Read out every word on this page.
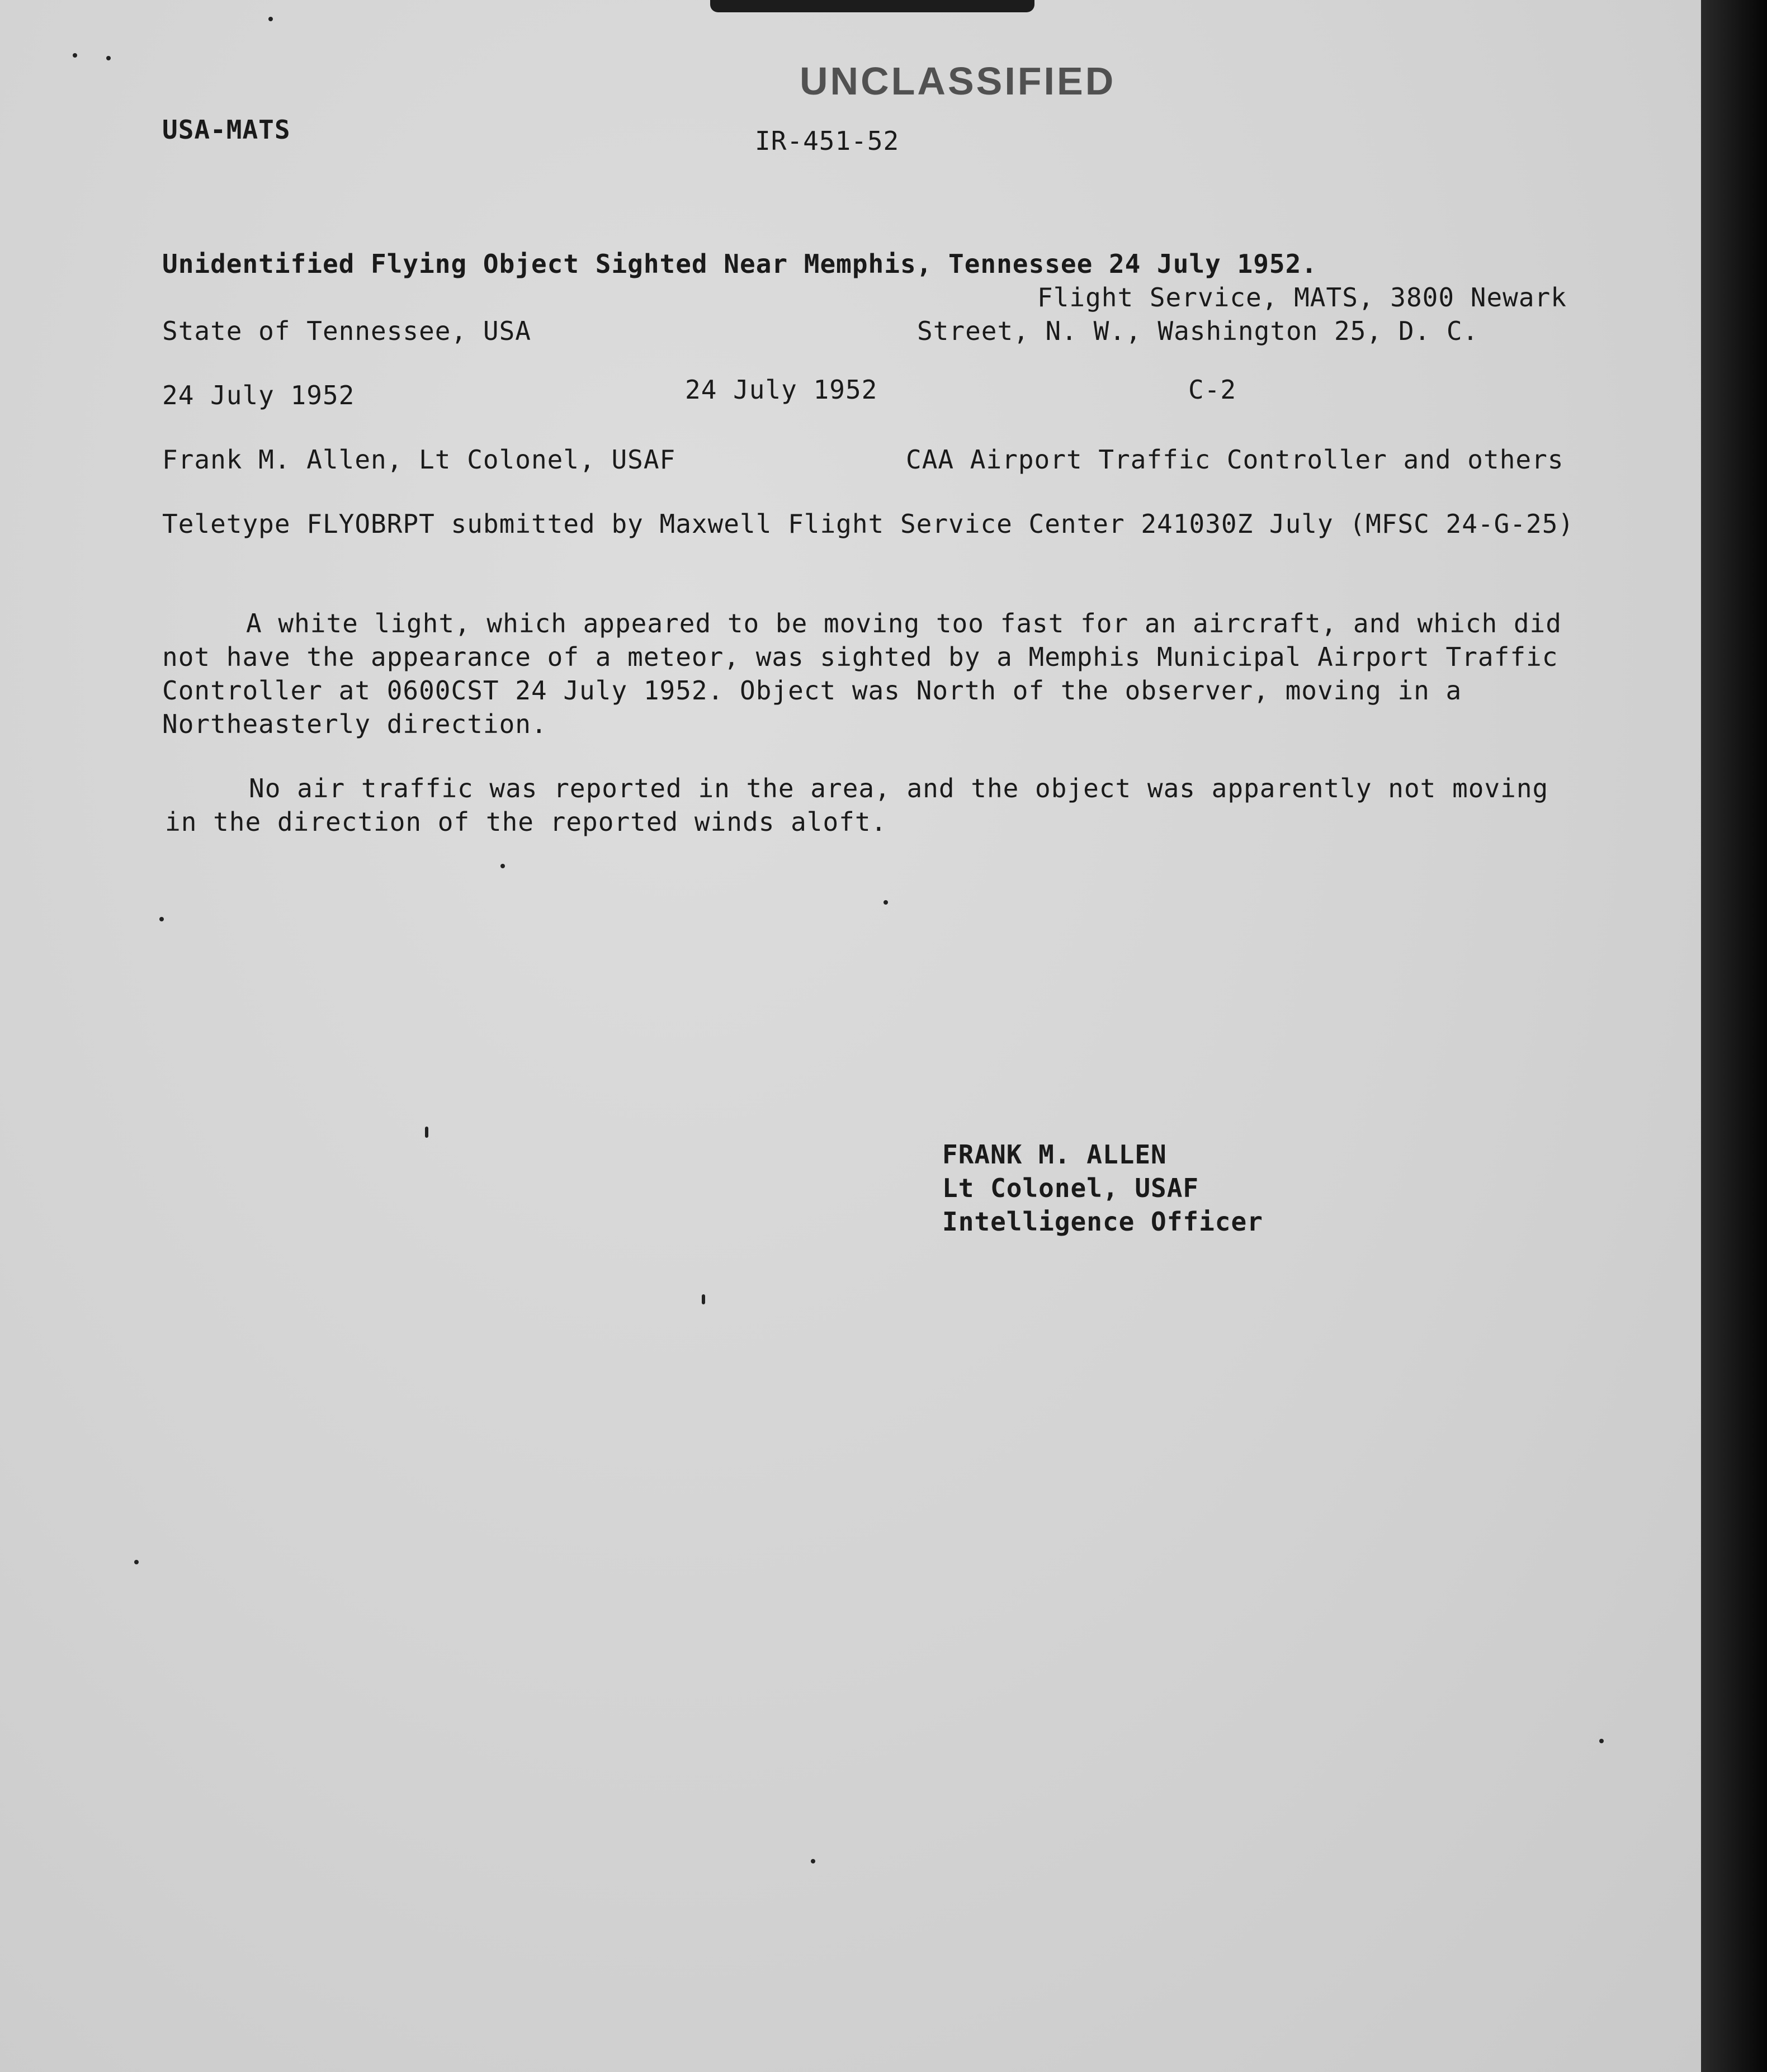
UNCLASSIFIED
USA-MATS	IR-451-52
Unidentified Flying Object Sighted Near Memphis, Tennessee 24 July 1952.
Flight Service, MATS, 3800 Newark
State of Tennessee, USA	Street, N. W., Washington 25, D. C.
24 July 1952	24 July 1952	C-2
Frank M. Allen, Lt Colonel, USAF	CAA Airport Traffic Controller and others
Teletype FLYOBRPT submitted by Maxwell Flight Service Center 241030Z July (MFSC 24-G-25)
A white light, which appeared to be moving too fast for an aircraft, and which did
not have the appearance of a meteor, was sighted by a Memphis Municipal Airport Traffic
Controller at 0600CST 24 July 1952. Object was North of the observer, moving in a
Northeasterly direction.
No air traffic was reported in the area, and the object was apparently not moving
in the direction of the reported winds aloft.
FRANK M. ALLEN
Lt Colonel, USAF
Intelligence Officer
